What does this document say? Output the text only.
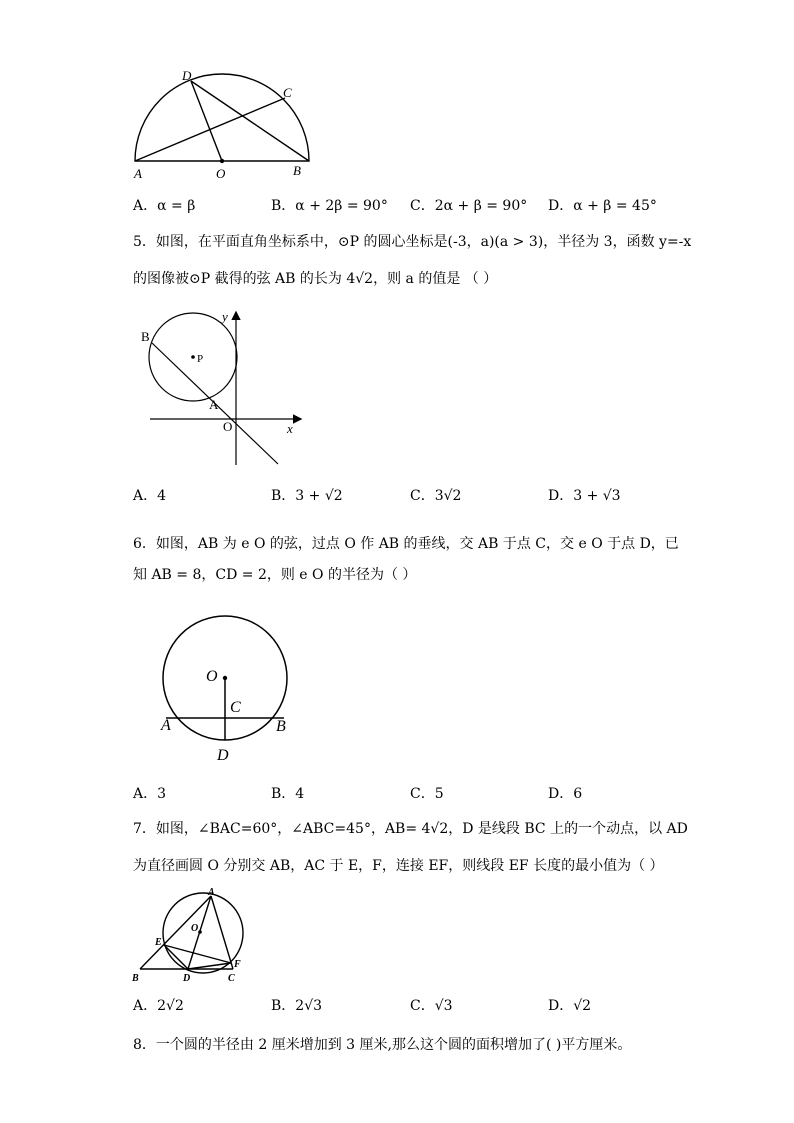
D
C
A	O	B
A．α = β	B．α + 2β = 90° C．2α + β = 90° D．α + β = 45°
5．如图，在平面直角坐标系中，⊙P 的圆心坐标是(-3，a)(a > 3)，半径为 3，函数 y=-x
的图像被⊙P 截得的弦 AB 的长为 4√2，则 a 的值是 （ ）
B
P
A
O	x
y
A．4	B．3 + √2	C．3√2	D．3 + √3
6．如图，AB 为 e O 的弦，过点 O 作 AB 的垂线，交 AB 于点 C，交 e O 于点 D，已
知 AB = 8，CD = 2，则 e O 的半径为（ ）
O
C
A	B
D
A．3	B．4	C．5	D．6
7．如图，∠BAC=60°，∠ABC=45°，AB= 4√2，D 是线段 BC 上的一个动点，以 AD
为直径画圆 O 分别交 AB，AC 于 E，F，连接 EF，则线段 EF 长度的最小值为（ ）
A
O
E
F
B	D	C
A．2√2	B．2√3	C．√3	D．√2
8．一个圆的半径由 2 厘米增加到 3 厘米,那么这个圆的面积增加了( )平方厘米。
